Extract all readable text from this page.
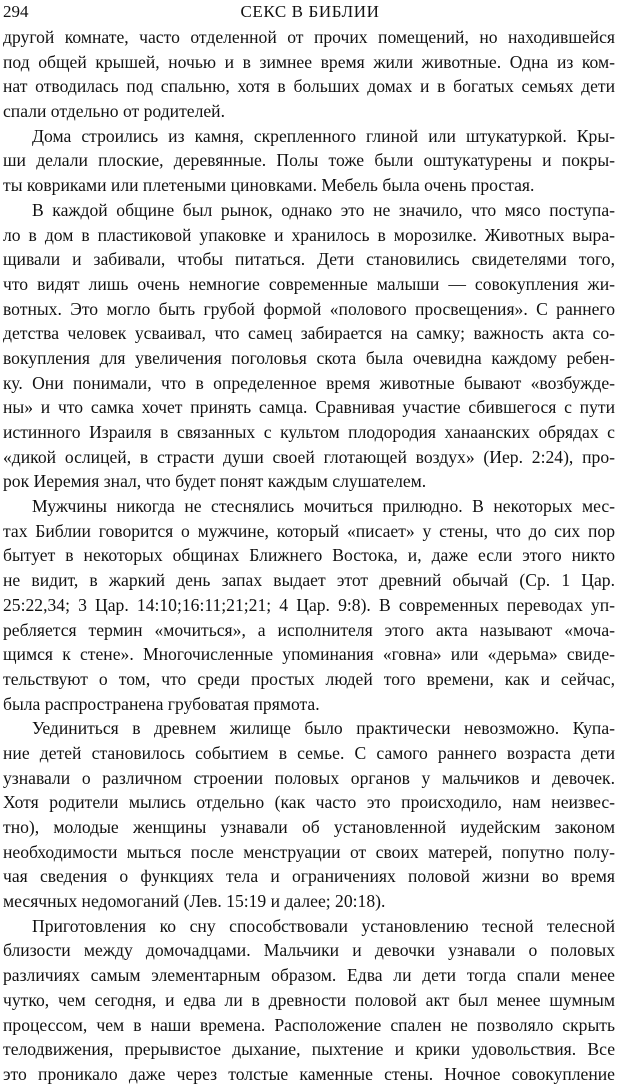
294	СЕКС В БИБЛИИ
другой комнате, часто отделенной от прочих помещений, но находившейся
под общей крышей, ночью и в зимнее время жили животные. Одна из ком-
нат отводилась под спальню, хотя в больших домах и в богатых семьях дети
спали отдельно от родителей.
Дома строились из камня, скрепленного глиной или штукатуркой. Кры-
ши делали плоские, деревянные. Полы тоже были оштукатурены и покры-
ты ковриками или плетеными циновками. Мебель была очень простая.
В каждой общине был рынок, однако это не значило, что мясо поступа-
ло в дом в пластиковой упаковке и хранилось в морозилке. Животных выра-
щивали и забивали, чтобы питаться. Дети становились свидетелями того,
что видят лишь очень немногие современные малыши — совокупления жи-
вотных. Это могло быть грубой формой «полового просвещения». С раннего
детства человек усваивал, что самец забирается на самку; важность акта со-
вокупления для увеличения поголовья скота была очевидна каждому ребен-
ку. Они понимали, что в определенное время животные бывают «возбужде-
ны» и что самка хочет принять самца. Сравнивая участие сбившегося с пути
истинного Израиля в связанных с культом плодородия ханаанских обрядах с
«дикой ослицей, в страсти души своей глотающей воздух» (Иер. 2:24), про-
рок Иеремия знал, что будет понят каждым слушателем.
Мужчины никогда не стеснялись мочиться прилюдно. В некоторых мес-
тах Библии говорится о мужчине, который «писает» у стены, что до сих пор
бытует в некоторых общинах Ближнего Востока, и, даже если этого никто
не видит, в жаркий день запах выдает этот древний обычай (Ср. 1 Цар.
25:22,34; 3 Цар. 14:10;16:11;21;21; 4 Цар. 9:8). В современных переводах уп-
ребляется термин «мочиться», а исполнителя этого акта называют «моча-
щимся к стене». Многочисленные упоминания «говна» или «дерьма» свиде-
тельствуют о том, что среди простых людей того времени, как и сейчас,
была распространена грубоватая прямота.
Уединиться в древнем жилище было практически невозможно. Купа-
ние детей становилось событием в семье. С самого раннего возраста дети
узнавали о различном строении половых органов у мальчиков и девочек.
Хотя родители мылись отдельно (как часто это происходило, нам неизвес-
тно), молодые женщины узнавали об установленной иудейским законом
необходимости мыться после менструации от своих матерей, попутно полу-
чая сведения о функциях тела и ограничениях половой жизни во время
месячных недомоганий (Лев. 15:19 и далее; 20:18).
Приготовления ко сну способствовали установлению тесной телесной
близости между домочадцами. Мальчики и девочки узнавали о половых
различиях самым элементарным образом. Едва ли дети тогда спали менее
чутко, чем сегодня, и едва ли в древности половой акт был менее шумным
процессом, чем в наши времена. Расположение спален не позволяло скрыть
телодвижения, прерывистое дыхание, пыхтение и крики удовольствия. Все
это проникало даже через толстые каменные стены. Ночное совокупление
